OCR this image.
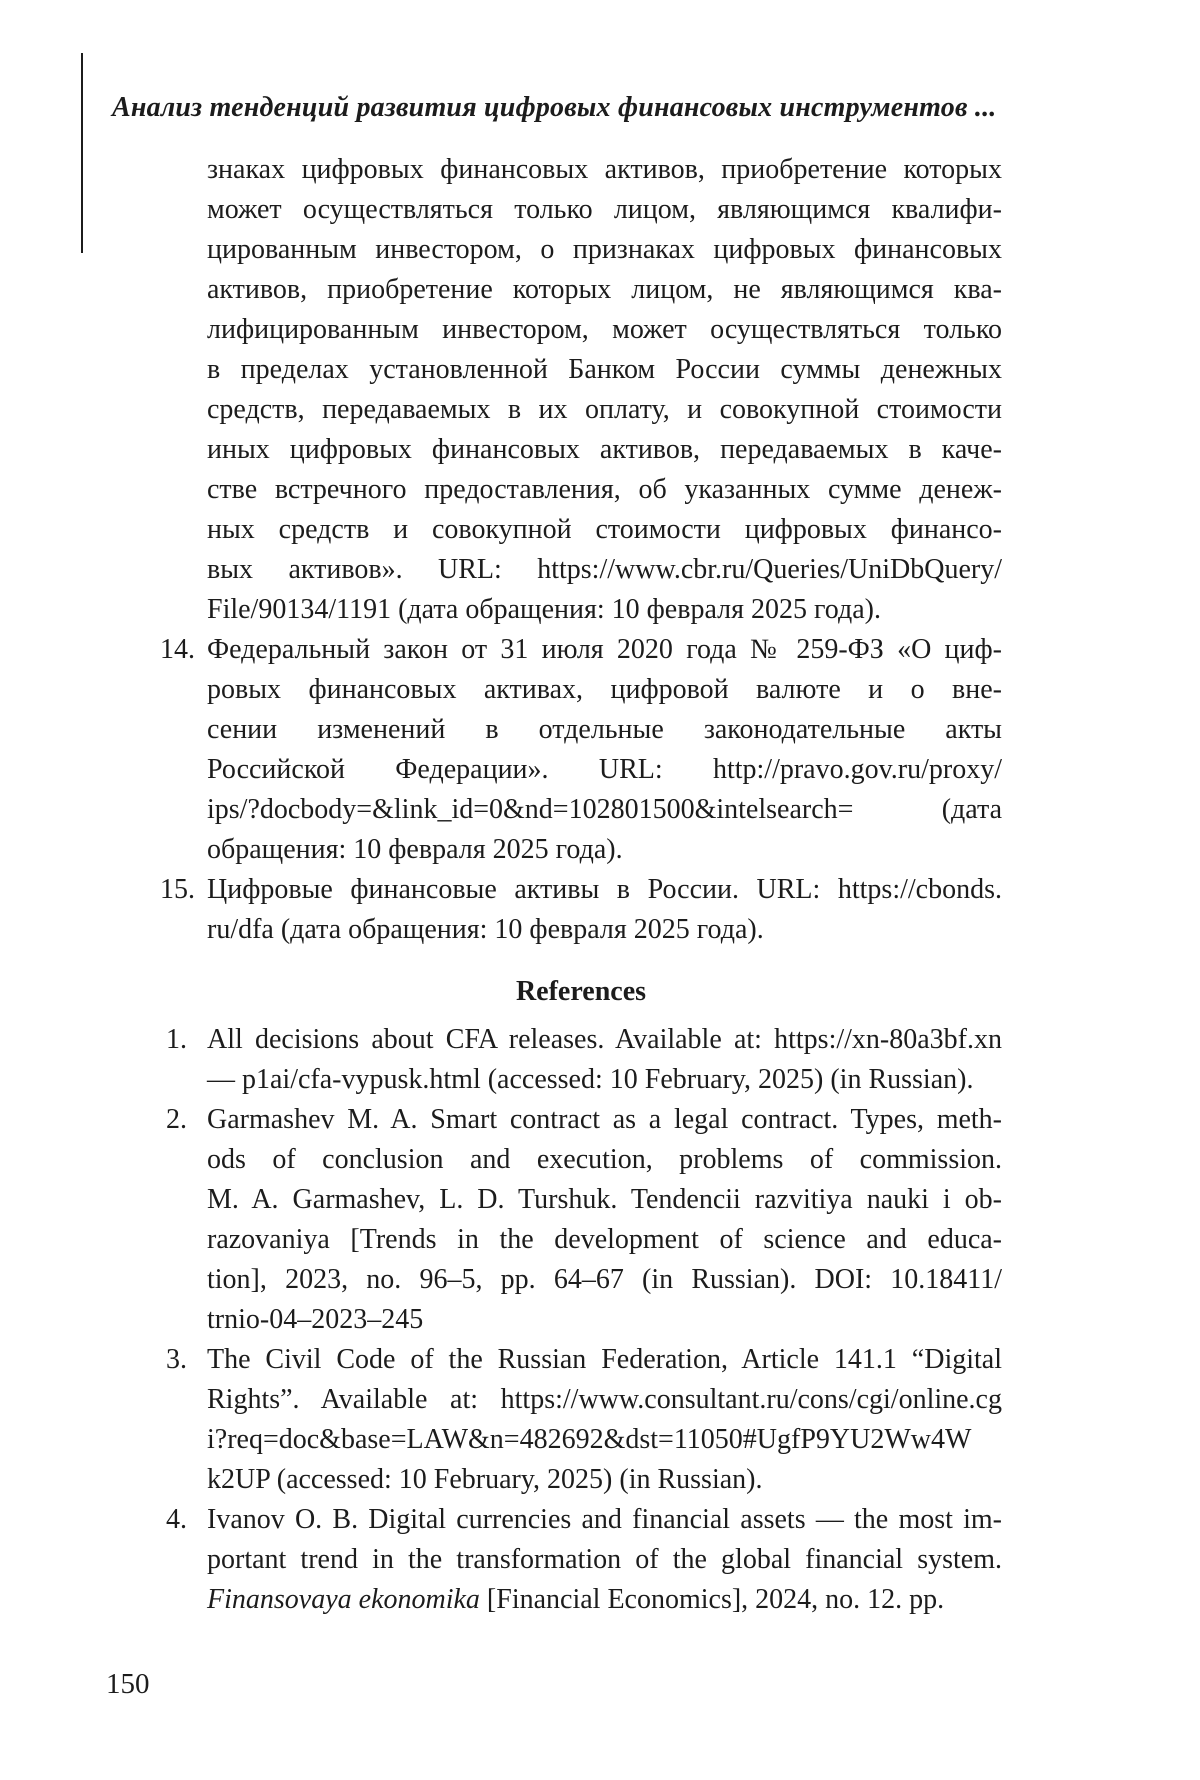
Анализ тенденций развития цифровых финансовых инструментов ...
знаках цифровых финансовых активов, приобретение которых
может осуществляться только лицом, являющимся квалифи-
цированным инвестором, о признаках цифровых финансовых
активов, приобретение которых лицом, не являющимся ква-
лифицированным инвестором, может осуществляться только
в пределах установленной Банком России суммы денежных
средств, передаваемых в их оплату, и совокупной стоимости
иных цифровых финансовых активов, передаваемых в каче-
стве встречного предоставления, об указанных сумме денеж-
ных средств и совокупной стоимости цифровых финансо-
вых активов». URL: https://www.cbr.ru/Queries/UniDbQuery/
File/90134/1191 (дата обращения: 10 февраля 2025 года).
14. Федеральный закон от 31 июля 2020 года № 259-ФЗ «О циф-
ровых финансовых активах, цифровой валюте и о вне-
сении изменений в отдельные законодательные акты
Российской Федерации». URL: http://pravo.gov.ru/proxy/
ips/?docbody=&link_id=0&nd=102801500&intelsearch= (дата
обращения: 10 февраля 2025 года).
15. Цифровые финансовые активы в России. URL: https://cbonds.
ru/dfa (дата обращения: 10 февраля 2025 года).
References
1. All decisions about CFA releases. Available at: https://xn-80a3bf.xn
— p1ai/cfa-vypusk.html (accessed: 10 February, 2025) (in Russian).
2. Garmashev M. A. Smart contract as a legal contract. Types, meth-
ods of conclusion and execution, problems of commission.
M. A. Garmashev, L. D. Turshuk. Tendencii razvitiya nauki i ob-
razovaniya [Trends in the development of science and educa-
tion], 2023, no. 96–5, pp. 64–67 (in Russian). DOI: 10.18411/
trnio-04–2023–245
3. The Civil Code of the Russian Federation, Article 141.1 “Digital
Rights”. Available at: https://www.consultant.ru/cons/cgi/online.cg
i?req=doc&base=LAW&n=482692&dst=11050#UgfP9YU2Ww4W
k2UP (accessed: 10 February, 2025) (in Russian).
4. Ivanov O. B. Digital currencies and financial assets — the most im-
portant trend in the transformation of the global financial system.
Finansovaya ekonomika [Financial Economics], 2024, no. 12. pp.
150
